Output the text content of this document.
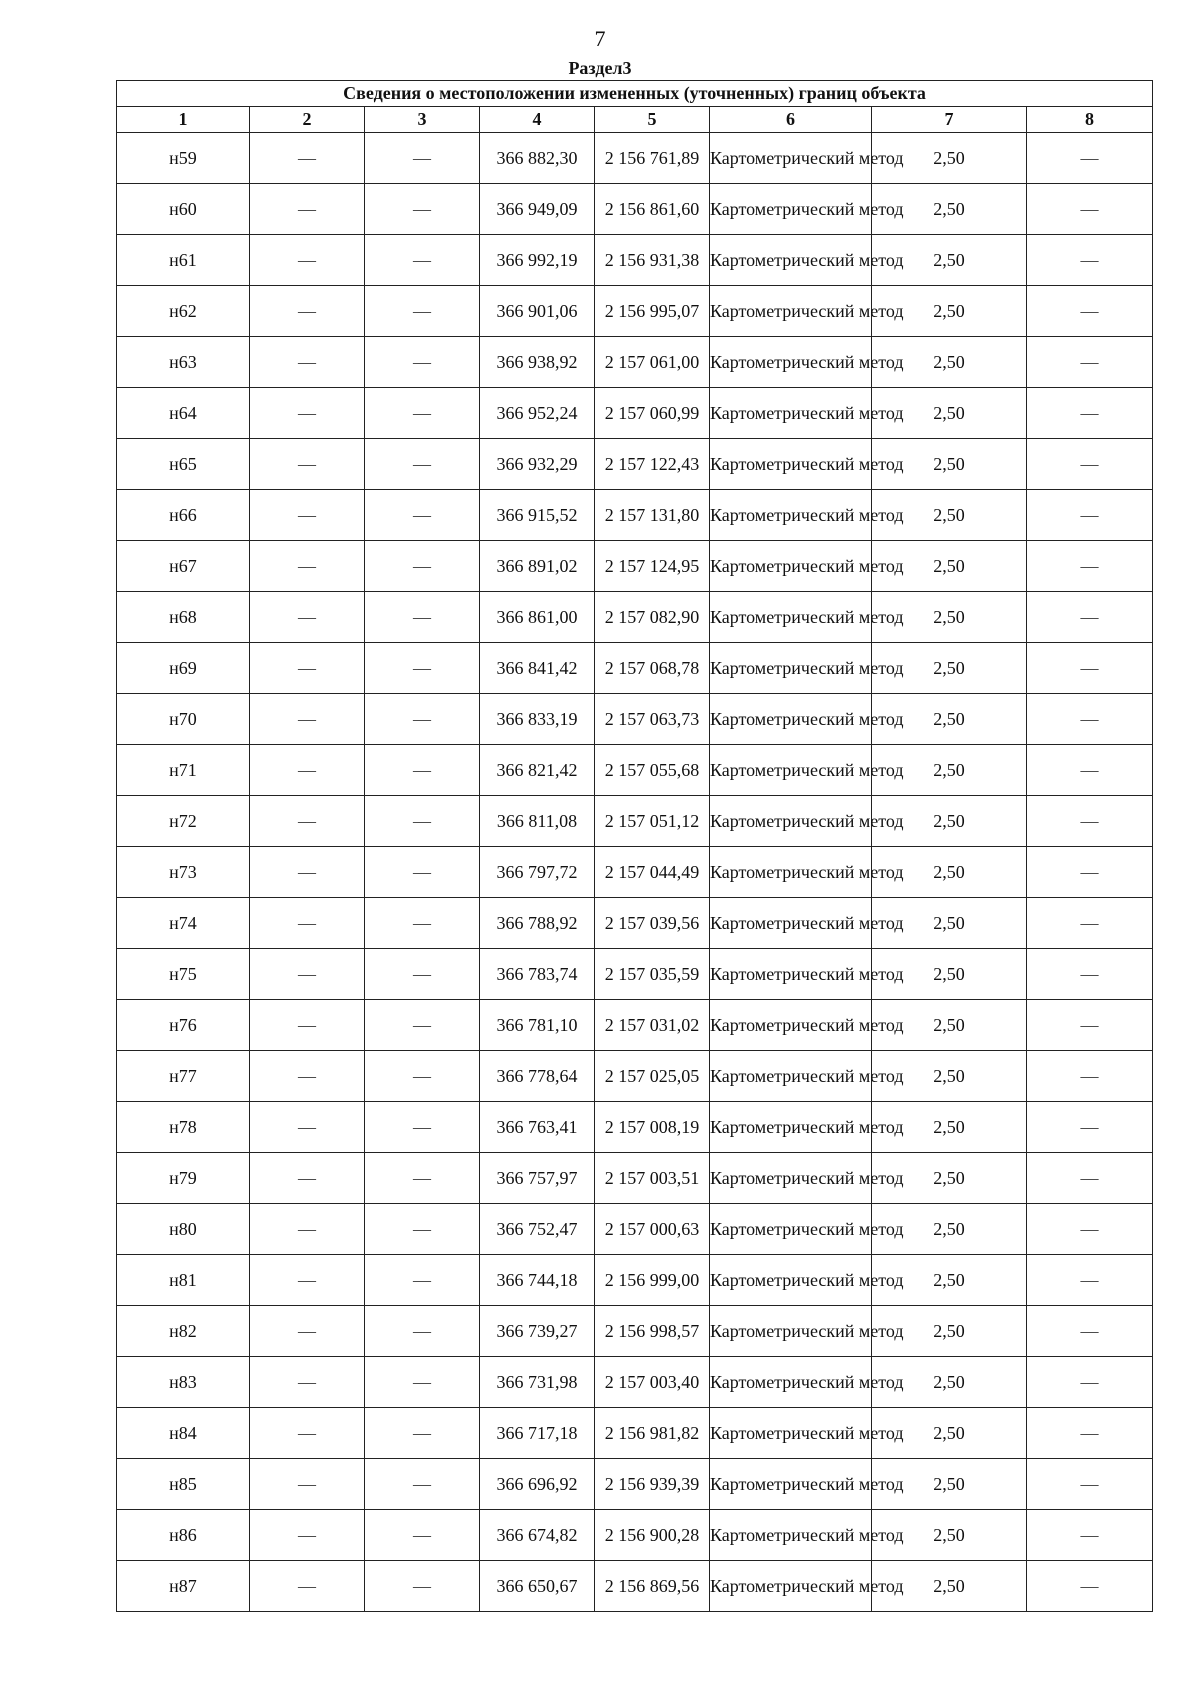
7
Раздел3
Сведения о местоположении измененных (уточненных) границ объекта							
1	2	3	4	5	6	7	8
н59	—	—	366 882,30	2 156 761,89	Картометрический метод	2,50	—
н60	—	—	366 949,09	2 156 861,60	Картометрический метод	2,50	—
н61	—	—	366 992,19	2 156 931,38	Картометрический метод	2,50	—
н62	—	—	366 901,06	2 156 995,07	Картометрический метод	2,50	—
н63	—	—	366 938,92	2 157 061,00	Картометрический метод	2,50	—
н64	—	—	366 952,24	2 157 060,99	Картометрический метод	2,50	—
н65	—	—	366 932,29	2 157 122,43	Картометрический метод	2,50	—
н66	—	—	366 915,52	2 157 131,80	Картометрический метод	2,50	—
н67	—	—	366 891,02	2 157 124,95	Картометрический метод	2,50	—
н68	—	—	366 861,00	2 157 082,90	Картометрический метод	2,50	—
н69	—	—	366 841,42	2 157 068,78	Картометрический метод	2,50	—
н70	—	—	366 833,19	2 157 063,73	Картометрический метод	2,50	—
н71	—	—	366 821,42	2 157 055,68	Картометрический метод	2,50	—
н72	—	—	366 811,08	2 157 051,12	Картометрический метод	2,50	—
н73	—	—	366 797,72	2 157 044,49	Картометрический метод	2,50	—
н74	—	—	366 788,92	2 157 039,56	Картометрический метод	2,50	—
н75	—	—	366 783,74	2 157 035,59	Картометрический метод	2,50	—
н76	—	—	366 781,10	2 157 031,02	Картометрический метод	2,50	—
н77	—	—	366 778,64	2 157 025,05	Картометрический метод	2,50	—
н78	—	—	366 763,41	2 157 008,19	Картометрический метод	2,50	—
н79	—	—	366 757,97	2 157 003,51	Картометрический метод	2,50	—
н80	—	—	366 752,47	2 157 000,63	Картометрический метод	2,50	—
н81	—	—	366 744,18	2 156 999,00	Картометрический метод	2,50	—
н82	—	—	366 739,27	2 156 998,57	Картометрический метод	2,50	—
н83	—	—	366 731,98	2 157 003,40	Картометрический метод	2,50	—
н84	—	—	366 717,18	2 156 981,82	Картометрический метод	2,50	—
н85	—	—	366 696,92	2 156 939,39	Картометрический метод	2,50	—
н86	—	—	366 674,82	2 156 900,28	Картометрический метод	2,50	—
н87	—	—	366 650,67	2 156 869,56	Картометрический метод	2,50	—
